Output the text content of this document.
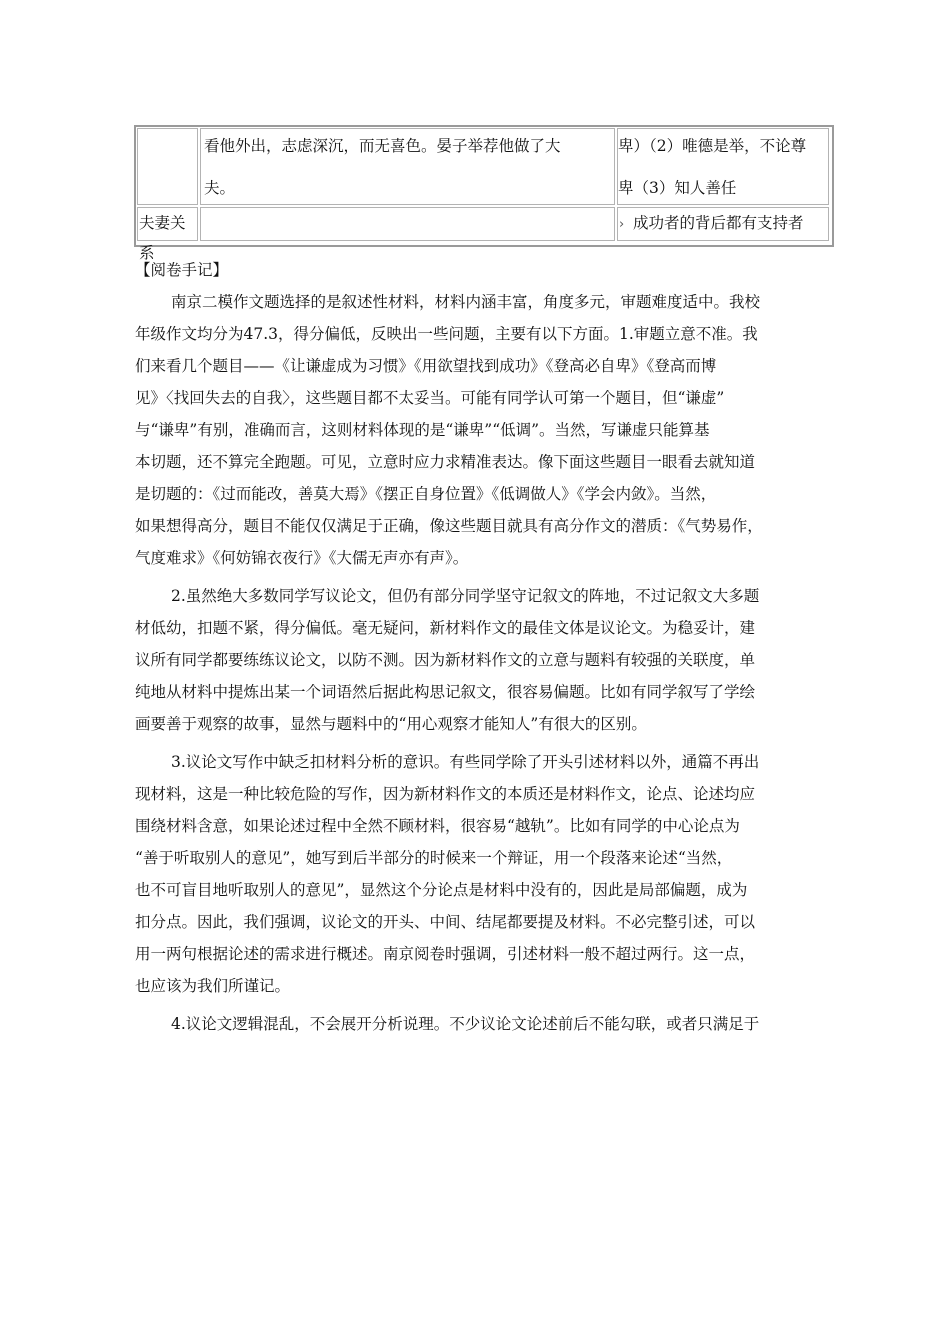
看他外出，志虑深沉，而无喜色。晏子举荐他做了大
夫。
卑）（2）唯德是举，不论尊
卑（3）知人善任
夫妻关系
› 成功者的背后都有支持者
【阅卷手记】
南京二模作文题选择的是叙述性材料，材料内涵丰富，角度多元，审题难度适中。我校
年级作文均分为47.3，得分偏低，反映出一些问题，主要有以下方面。1.审题立意不准。我
们来看几个题目——《让谦虚成为习惯》《用欲望找到成功》《登高必自卑》《登高而博
见》〈找回失去的自我〉，这些题目都不太妥当。可能有同学认可第一个题目，但“谦虚”
与“谦卑”有别，准确而言，这则材料体现的是“谦卑”“低调”。当然，写谦虚只能算基
本切题，还不算完全跑题。可见，立意时应力求精准表达。像下面这些题目一眼看去就知道
是切题的：《过而能改，善莫大焉》《摆正自身位置》《低调做人》《学会内敛》。当然，
如果想得高分，题目不能仅仅满足于正确，像这些题目就具有高分作文的潜质：《气势易作，
气度难求》《何妨锦衣夜行》《大儒无声亦有声》。
2.虽然绝大多数同学写议论文，但仍有部分同学坚守记叙文的阵地，不过记叙文大多题
材低幼，扣题不紧，得分偏低。毫无疑问，新材料作文的最佳文体是议论文。为稳妥计，建
议所有同学都要练练议论文，以防不测。因为新材料作文的立意与题料有较强的关联度，单
纯地从材料中提炼出某一个词语然后据此构思记叙文，很容易偏题。比如有同学叙写了学绘
画要善于观察的故事，显然与题料中的“用心观察才能知人”有很大的区别。
3.议论文写作中缺乏扣材料分析的意识。有些同学除了开头引述材料以外，通篇不再出
现材料，这是一种比较危险的写作，因为新材料作文的本质还是材料作文，论点、论述均应
围绕材料含意，如果论述过程中全然不顾材料，很容易“越轨”。比如有同学的中心论点为
“善于听取别人的意见”，她写到后半部分的时候来一个辩证，用一个段落来论述“当然，
也不可盲目地听取别人的意见”，显然这个分论点是材料中没有的，因此是局部偏题，成为
扣分点。因此，我们强调，议论文的开头、中间、结尾都要提及材料。不必完整引述，可以
用一两句根据论述的需求进行概述。南京阅卷时强调，引述材料一般不超过两行。这一点，
也应该为我们所谨记。
4.议论文逻辑混乱，不会展开分析说理。不少议论文论述前后不能勾联，或者只满足于
